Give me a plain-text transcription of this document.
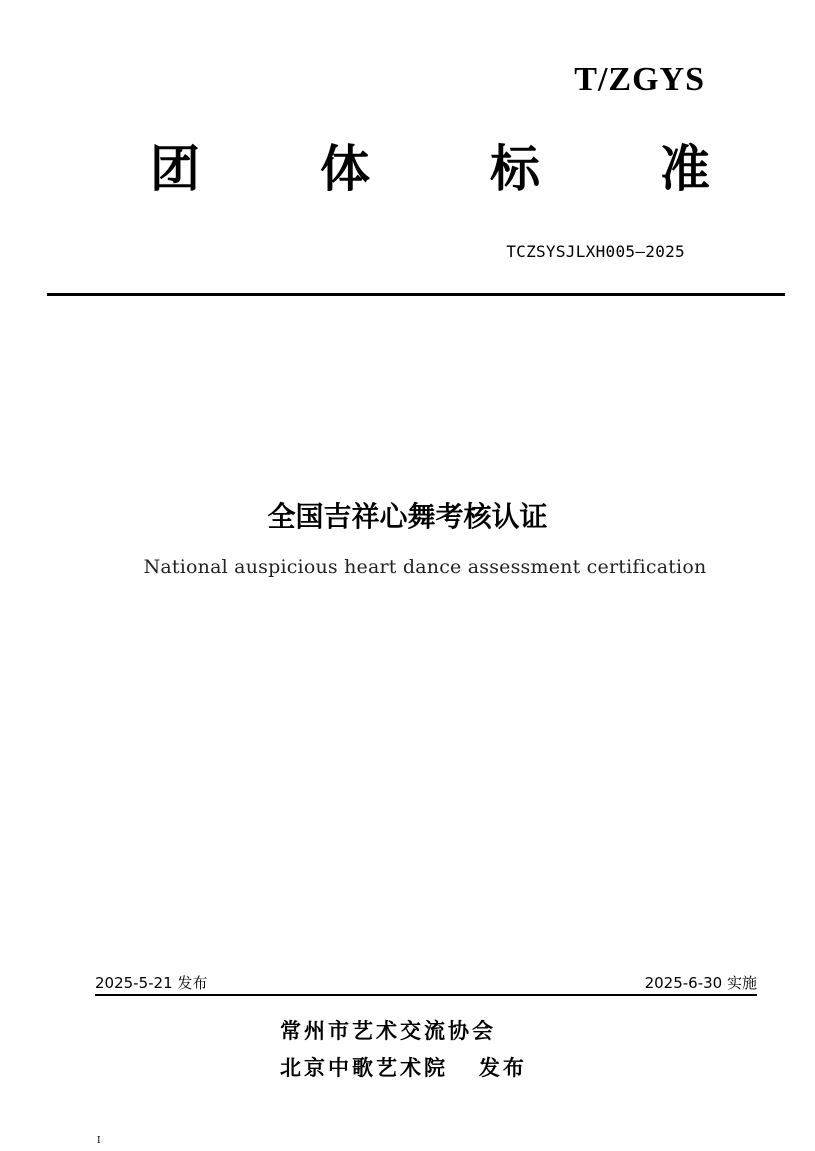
T/ZGYS
团 体 标 准
TCZSYSJLXH005—2025
全国吉祥心舞考核认证
National auspicious heart dance assessment certification
2025-5-21 发布	2025-6-30 实施
常州市艺术交流协会
北京中歌艺术院   发布
I
